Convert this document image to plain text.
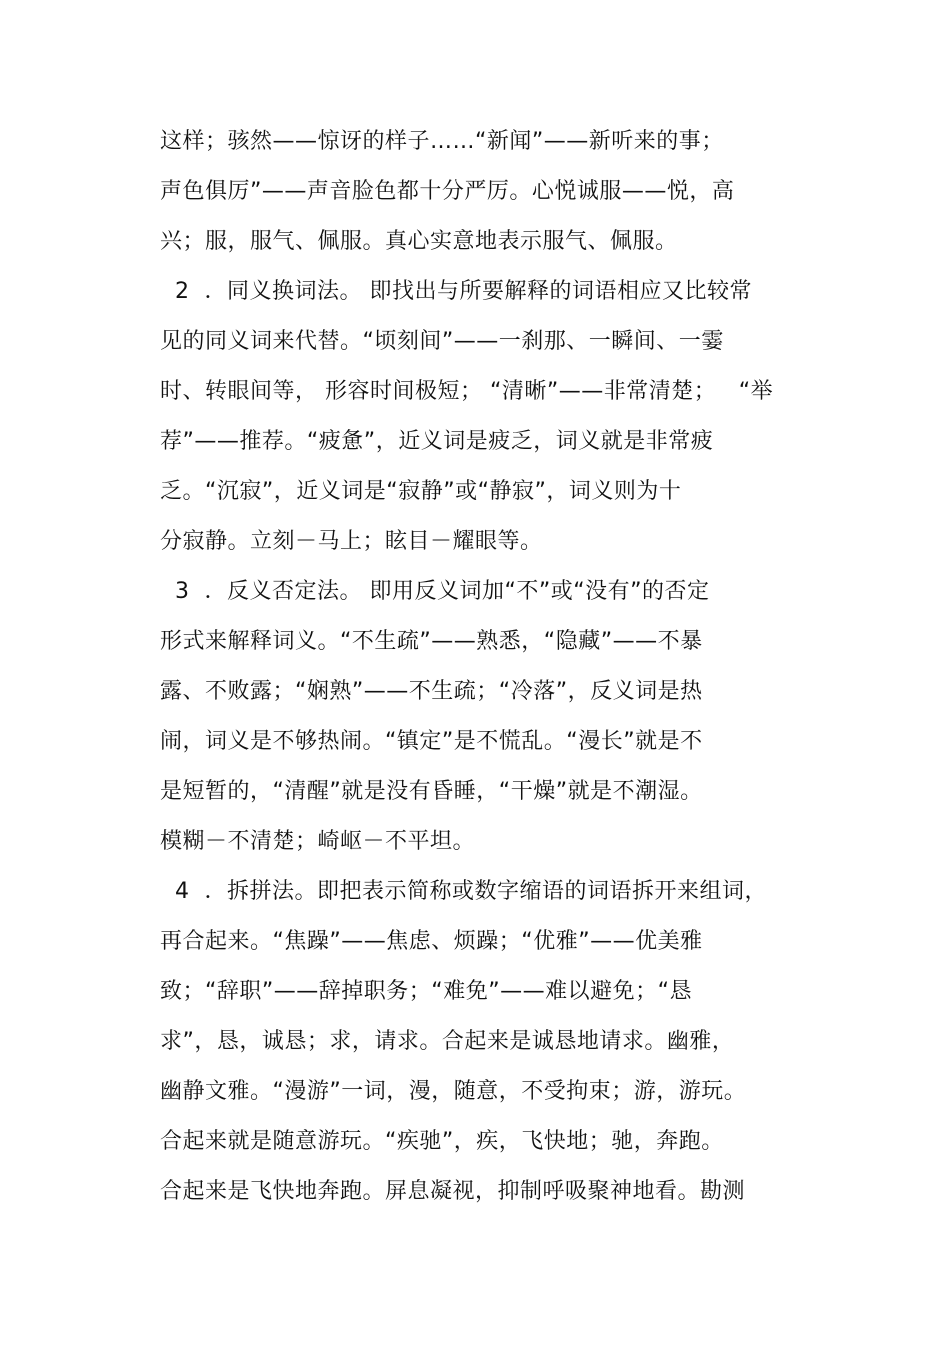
这样；骇然——惊讶的样子……“新闻”——新听来的事；
声色俱厉”——声音脸色都十分严厉。心悦诚服——悦，高
兴；服，服气、佩服。真心实意地表示服气、佩服。
2  ．同义换词法。 即找出与所要解释的词语相应又比较常
见的同义词来代替。“顷刻间”——一刹那、一瞬间、一霎
时、转眼间等， 形容时间极短； “清晰”——非常清楚；   “举
荐”——推荐。“疲惫”，近义词是疲乏，词义就是非常疲
乏。“沉寂”，近义词是“寂静”或“静寂”，词义则为十
分寂静。立刻－马上；眩目－耀眼等。
3  ．反义否定法。 即用反义词加“不”或“没有”的否定
形式来解释词义。“不生疏”——熟悉，“隐藏”——不暴
露、不败露；“娴熟”——不生疏；“冷落”，反义词是热
闹，词义是不够热闹。“镇定”是不慌乱。“漫长”就是不
是短暂的，“清醒”就是没有昏睡，“干燥”就是不潮湿。
模糊－不清楚；崎岖－不平坦。
4  ．拆拼法。即把表示简称或数字缩语的词语拆开来组词，
再合起来。“焦躁”——焦虑、烦躁；“优雅”——优美雅
致；“辞职”——辞掉职务；“难免”——难以避免；“恳
求”，恳，诚恳；求，请求。合起来是诚恳地请求。幽雅，
幽静文雅。“漫游”一词，漫，随意，不受拘束；游，游玩。
合起来就是随意游玩。“疾驰”，疾，飞快地；驰，奔跑。
合起来是飞快地奔跑。屏息凝视，抑制呼吸聚神地看。勘测
